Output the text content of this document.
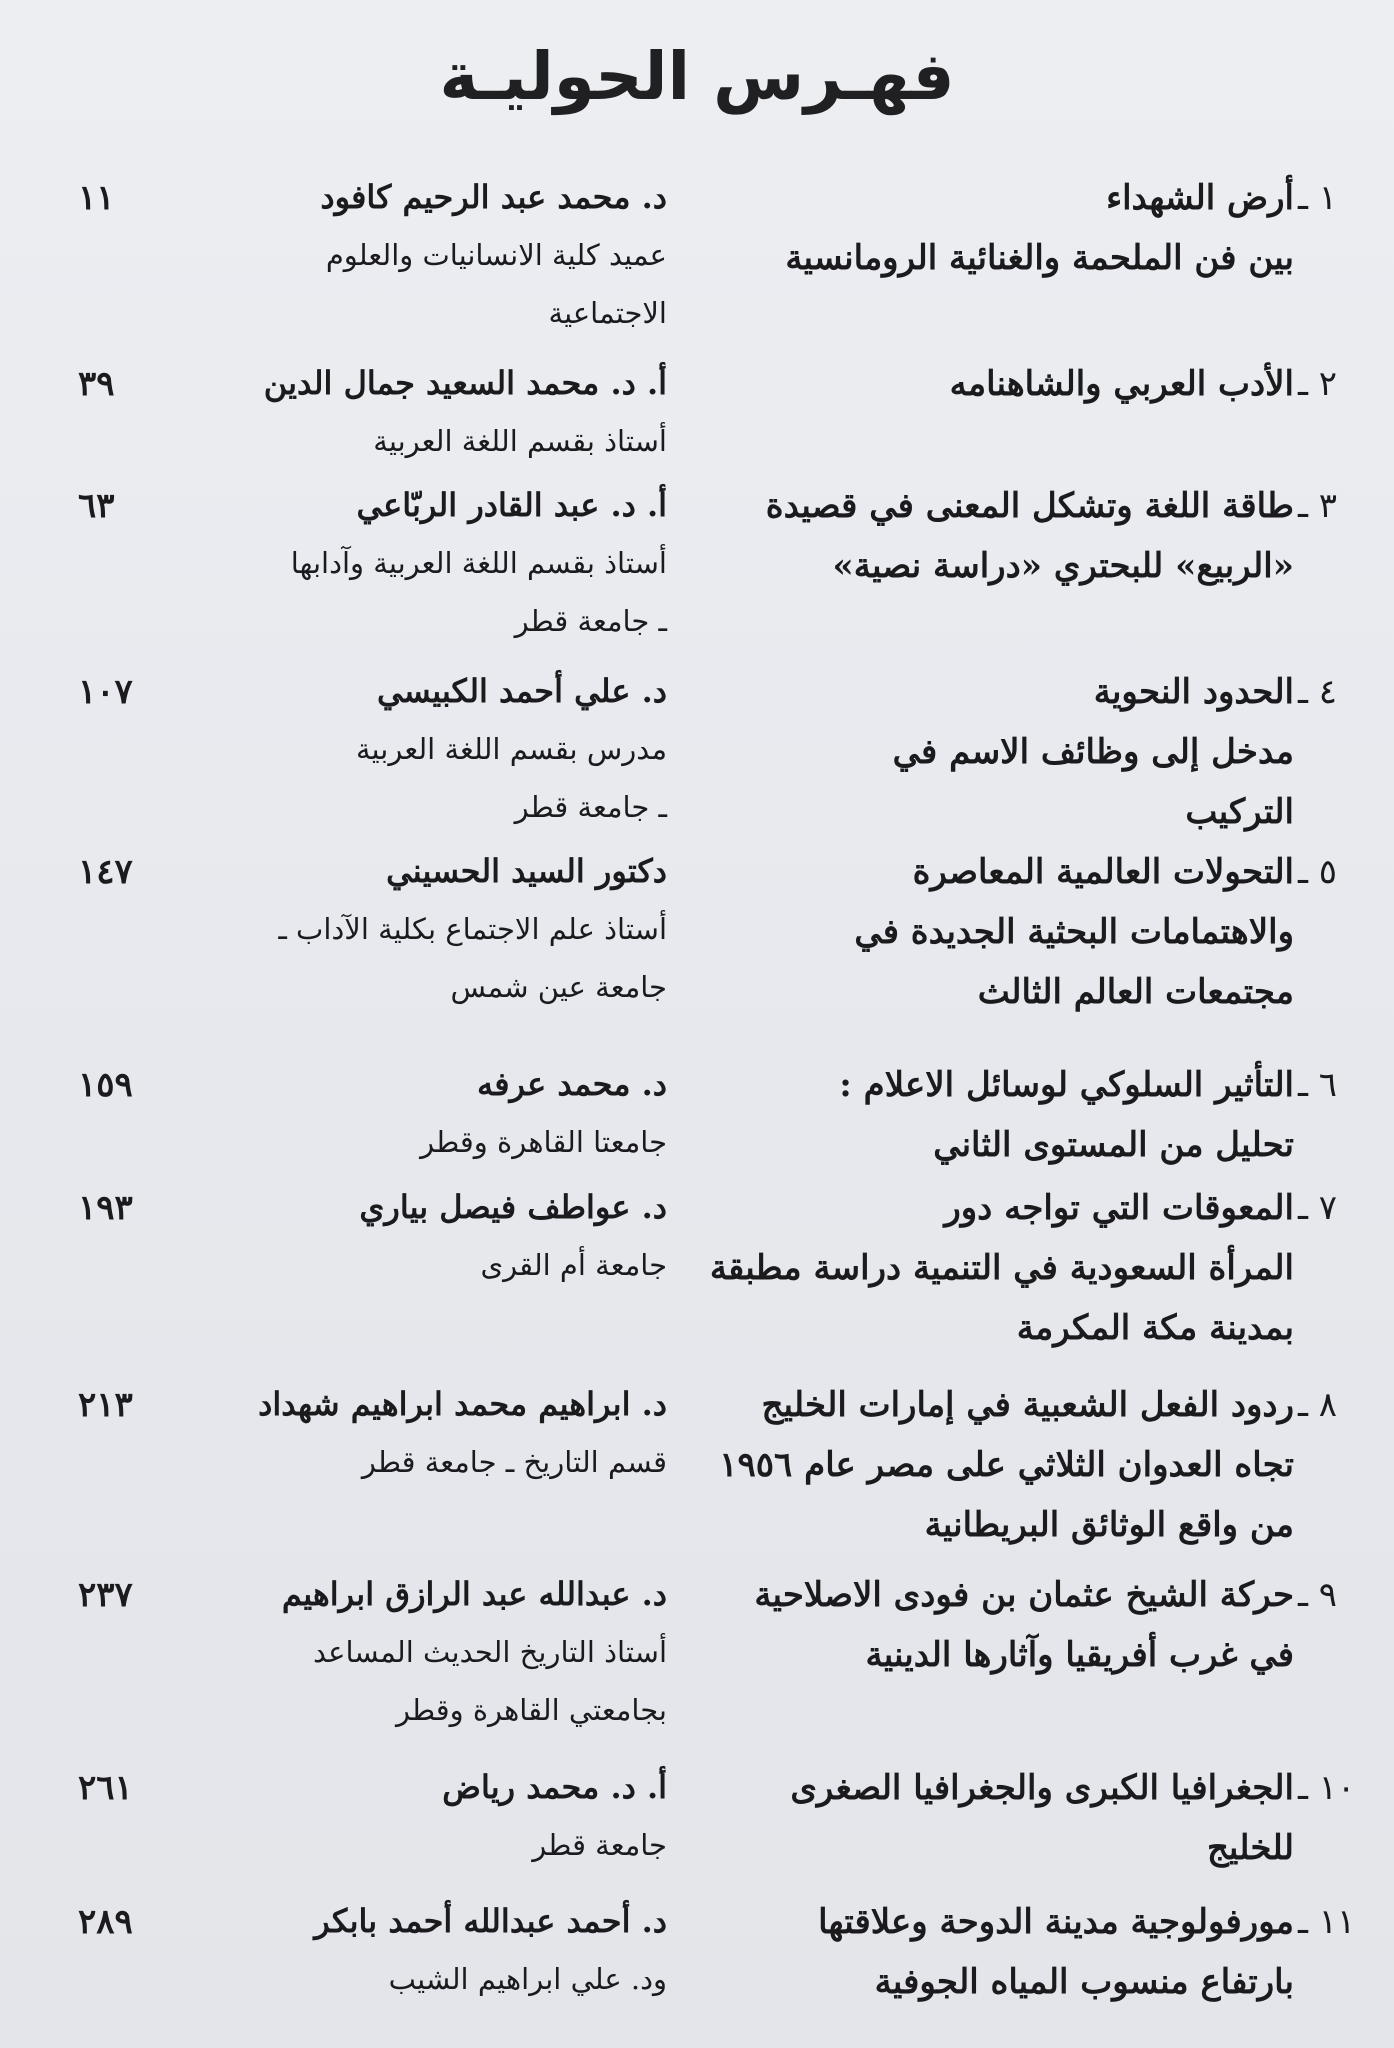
فهـرس الحوليـة
١ ـ
أرض الشهداء
بين فن الملحمة والغنائية الرومانسية
د. محمد عبد الرحيم كافود
عميد كلية الانسانيات والعلوم
الاجتماعية
١١
٢ ـ
الأدب العربي والشاهنامه
أ. د. محمد السعيد جمال الدين
أستاذ بقسم اللغة العربية
٣٩
٣ ـ
طاقة اللغة وتشكل المعنى في قصيدة
«الربيع» للبحتري «دراسة نصية»
أ. د. عبد القادر الربّاعي
أستاذ بقسم اللغة العربية وآدابها
ـ جامعة قطر
٦٣
٤ ـ
الحدود النحوية
مدخل إلى وظائف الاسم في
التركيب
د. علي أحمد الكبيسي
مدرس بقسم اللغة العربية
ـ جامعة قطر
١٠٧
٥ ـ
التحولات العالمية المعاصرة
والاهتمامات البحثية الجديدة في
مجتمعات العالم الثالث
دكتور السيد الحسيني
أستاذ علم الاجتماع بكلية الآداب ـ
جامعة عين شمس
١٤٧
٦ ـ
التأثير السلوكي لوسائل الاعلام :
تحليل من المستوى الثاني
د. محمد عرفه
جامعتا القاهرة وقطر
١٥٩
٧ ـ
المعوقات التي تواجه دور
المرأة السعودية في التنمية دراسة مطبقة
بمدينة مكة المكرمة
د. عواطف فيصل بياري
جامعة أم القرى
١٩٣
٨ ـ
ردود الفعل الشعبية في إمارات الخليج
تجاه العدوان الثلاثي على مصر عام ١٩٥٦
من واقع الوثائق البريطانية
د. ابراهيم محمد ابراهيم شهداد
قسم التاريخ ـ جامعة قطر
٢١٣
٩ ـ
حركة الشيخ عثمان بن فودى الاصلاحية
في غرب أفريقيا وآثارها الدينية
د. عبدالله عبد الرازق ابراهيم
أستاذ التاريخ الحديث المساعد
بجامعتي القاهرة وقطر
٢٣٧
١٠ ـ
الجغرافيا الكبرى والجغرافيا الصغرى
للخليج
أ. د. محمد رياض
جامعة قطر
٢٦١
١١ ـ
مورفولوجية مدينة الدوحة وعلاقتها
بارتفاع منسوب المياه الجوفية
د. أحمد عبدالله أحمد بابكر
ود. علي ابراهيم الشيب
٢٨٩
